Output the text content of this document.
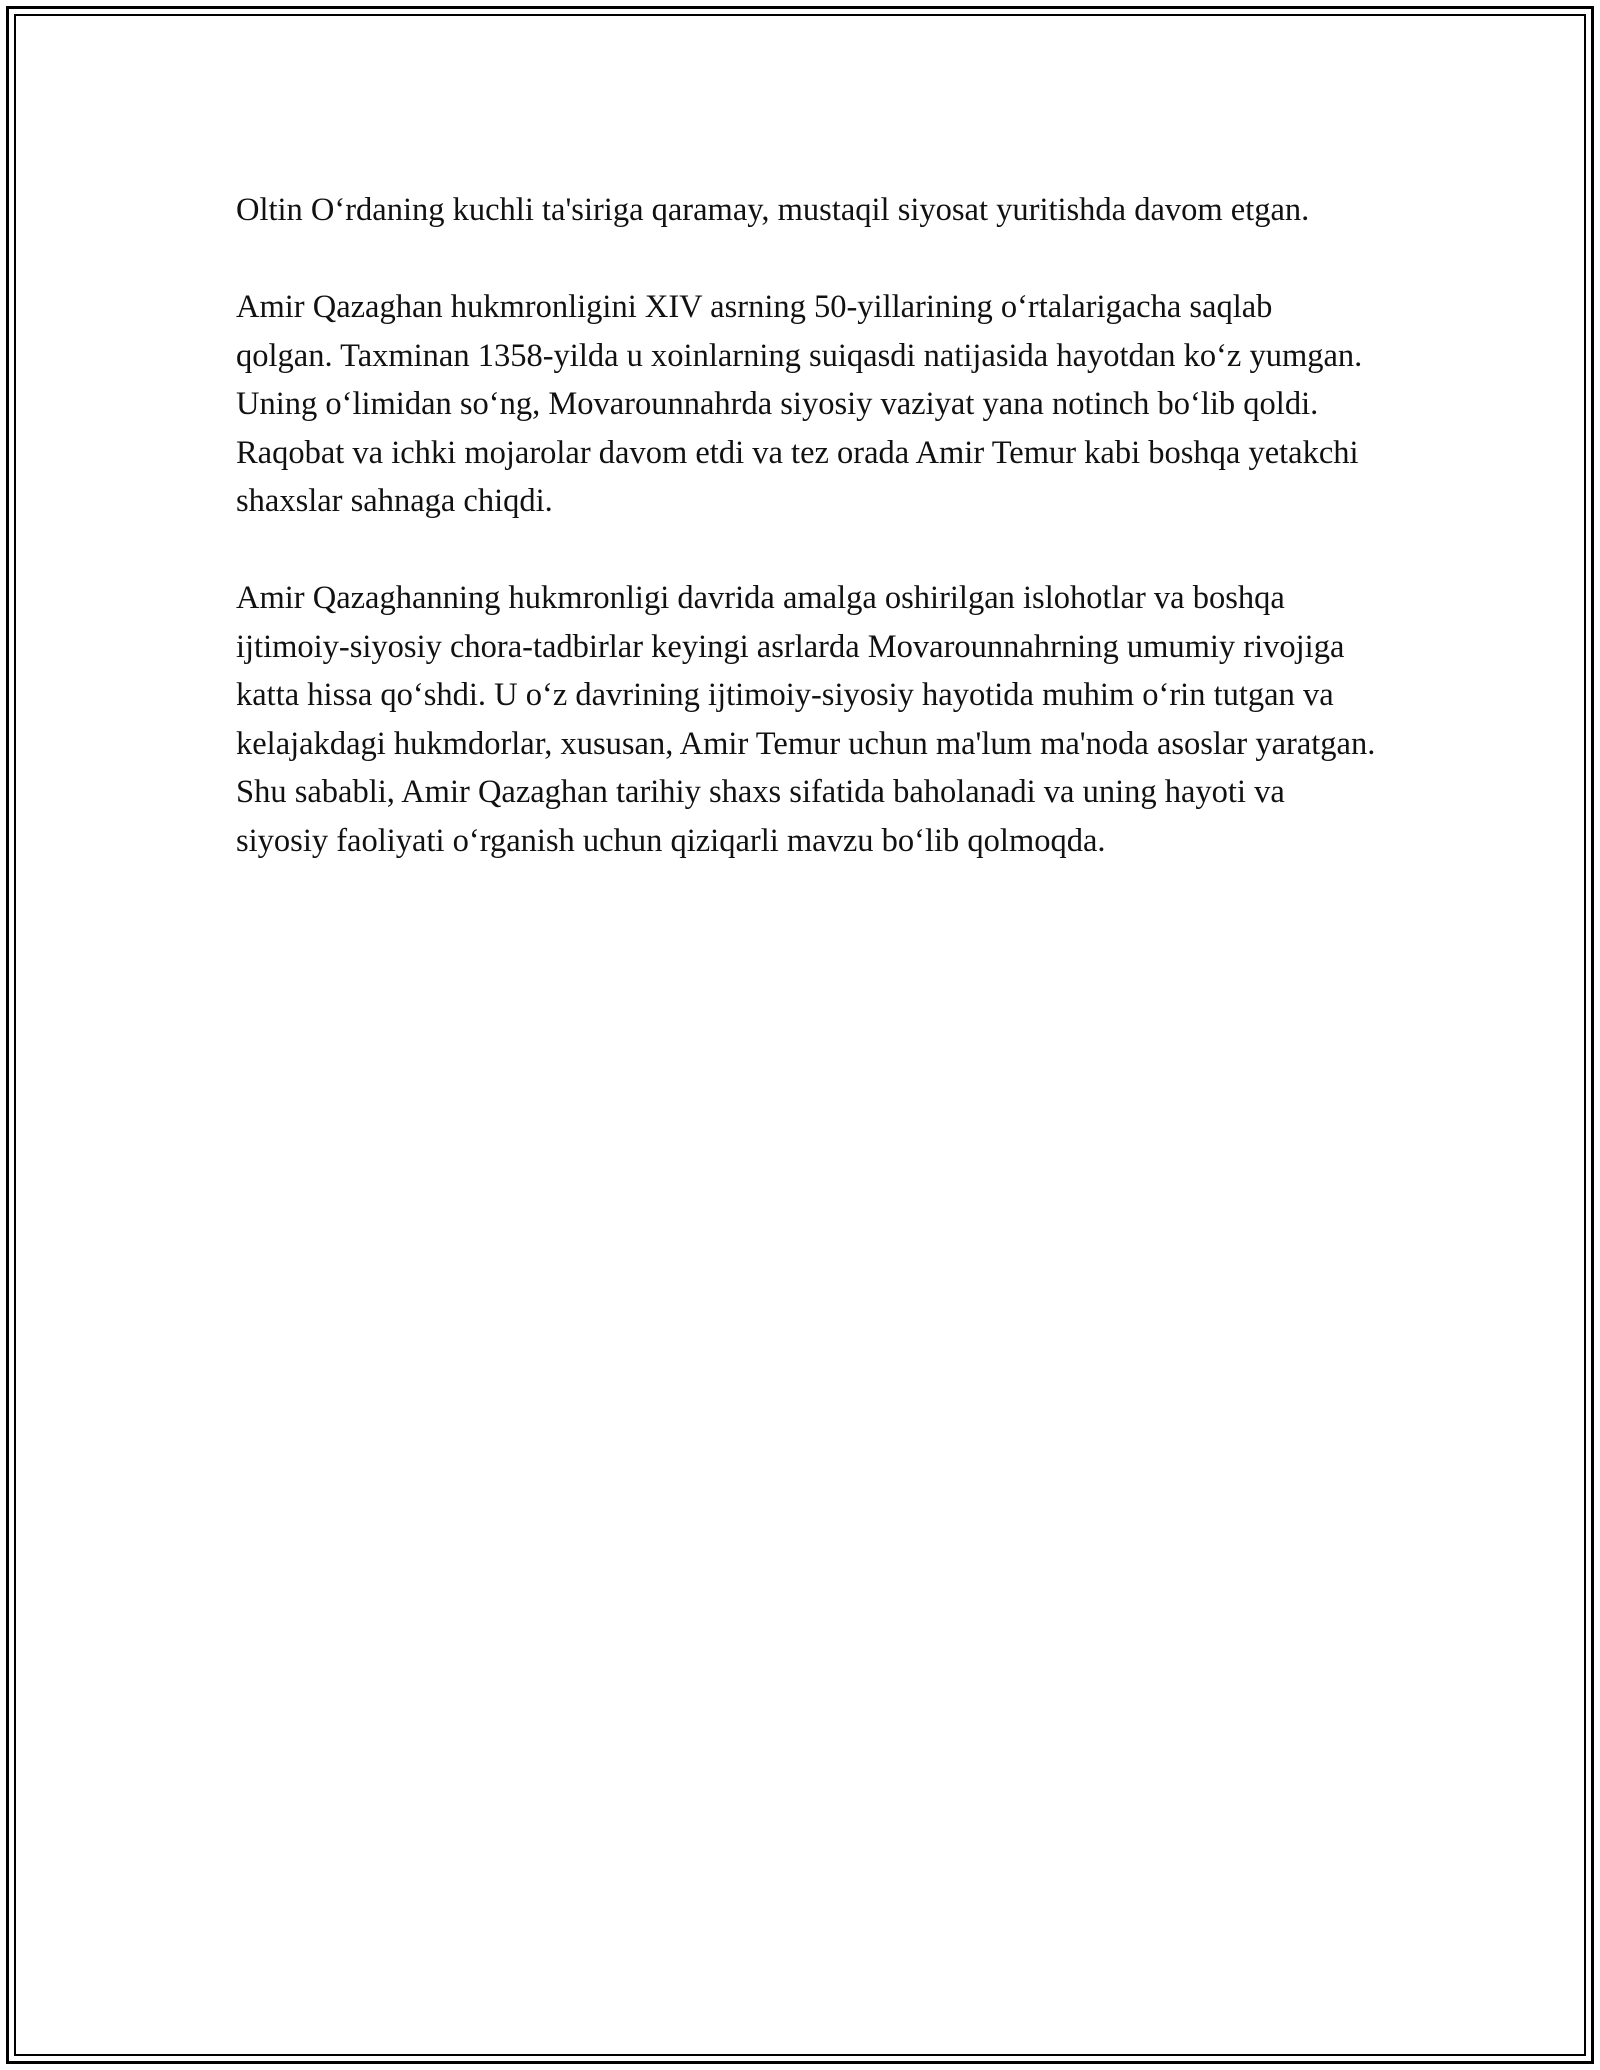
Oltin O‘rdaning kuchli ta'siriga qaramay, mustaqil siyosat yuritishda davom etgan.

Amir Qazaghan hukmronligini XIV asrning 50-yillarining o‘rtalarigacha saqlab qolgan. Taxminan 1358-yilda u xoinlarning suiqasdi natijasida hayotdan ko‘z yumgan. Uning o‘limidan so‘ng, Movarounnahrda siyosiy vaziyat yana notinch bo‘lib qoldi. Raqobat va ichki mojarolar davom etdi va tez orada Amir Temur kabi boshqa yetakchi shaxslar sahnaga chiqdi.

Amir Qazaghanning hukmronligi davrida amalga oshirilgan islohotlar va boshqa ijtimoiy-siyosiy chora-tadbirlar keyingi asrlarda Movarounnahrning umumiy rivojiga katta hissa qo‘shdi. U o‘z davrining ijtimoiy-siyosiy hayotida muhim o‘rin tutgan va kelajakdagi hukmdorlar, xususan, Amir Temur uchun ma'lum ma'noda asoslar yaratgan. Shu sababli, Amir Qazaghan tarihiy shaxs sifatida baholanadi va uning hayoti va siyosiy faoliyati o‘rganish uchun qiziqarli mavzu bo‘lib qolmoqda.
